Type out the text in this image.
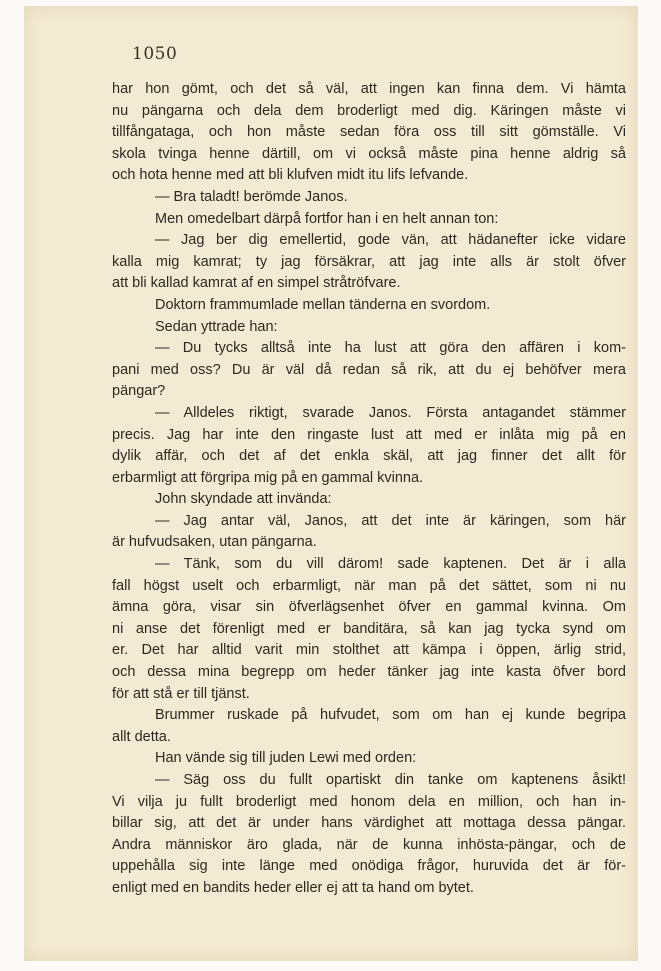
1050
har hon gömt, och det så väl, att ingen kan finna dem. Vi hämta
nu pängarna och dela dem broderligt med dig. Käringen måste vi
tillfångataga, och hon måste sedan föra oss till sitt gömställe. Vi
skola tvinga henne därtill, om vi också måste pina henne aldrig så
och hota henne med att bli klufven midt itu lifs lefvande.
— Bra taladt! berömde Janos.
Men omedelbart därpå fortfor han i en helt annan ton:
— Jag ber dig emellertid, gode vän, att hädanefter icke vidare
kalla mig kamrat; ty jag försäkrar, att jag inte alls är stolt öfver
att bli kallad kamrat af en simpel stråtröfvare.
Doktorn frammumlade mellan tänderna en svordom.
Sedan yttrade han:
— Du tycks alltså inte ha lust att göra den affären i kom-
pani med oss? Du är väl då redan så rik, att du ej behöfver mera
pängar?
— Alldeles riktigt, svarade Janos. Första antagandet stämmer
precis. Jag har inte den ringaste lust att med er inlåta mig på en
dylik affär, och det af det enkla skäl, att jag finner det allt för
erbarmligt att förgripa mig på en gammal kvinna.
John skyndade att invända:
— Jag antar väl, Janos, att det inte är käringen, som här
är hufvudsaken, utan pängarna.
— Tänk, som du vill därom! sade kaptenen. Det är i alla
fall högst uselt och erbarmligt, när man på det sättet, som ni nu
ämna göra, visar sin öfverlägsenhet öfver en gammal kvinna. Om
ni anse det förenligt med er banditära, så kan jag tycka synd om
er. Det har alltid varit min stolthet att kämpa i öppen, ärlig strid,
och dessa mina begrepp om heder tänker jag inte kasta öfver bord
för att stå er till tjänst.
Brummer ruskade på hufvudet, som om han ej kunde begripa
allt detta.
Han vände sig till juden Lewi med orden:
— Säg oss du fullt opartiskt din tanke om kaptenens åsikt!
Vi vilja ju fullt broderligt med honom dela en million, och han in-
billar sig, att det är under hans värdighet att mottaga dessa pängar.
Andra människor äro glada, när de kunna inhösta-pängar, och de
uppehålla sig inte länge med onödiga frågor, huruvida det är för-
enligt med en bandits heder eller ej att ta hand om bytet.
